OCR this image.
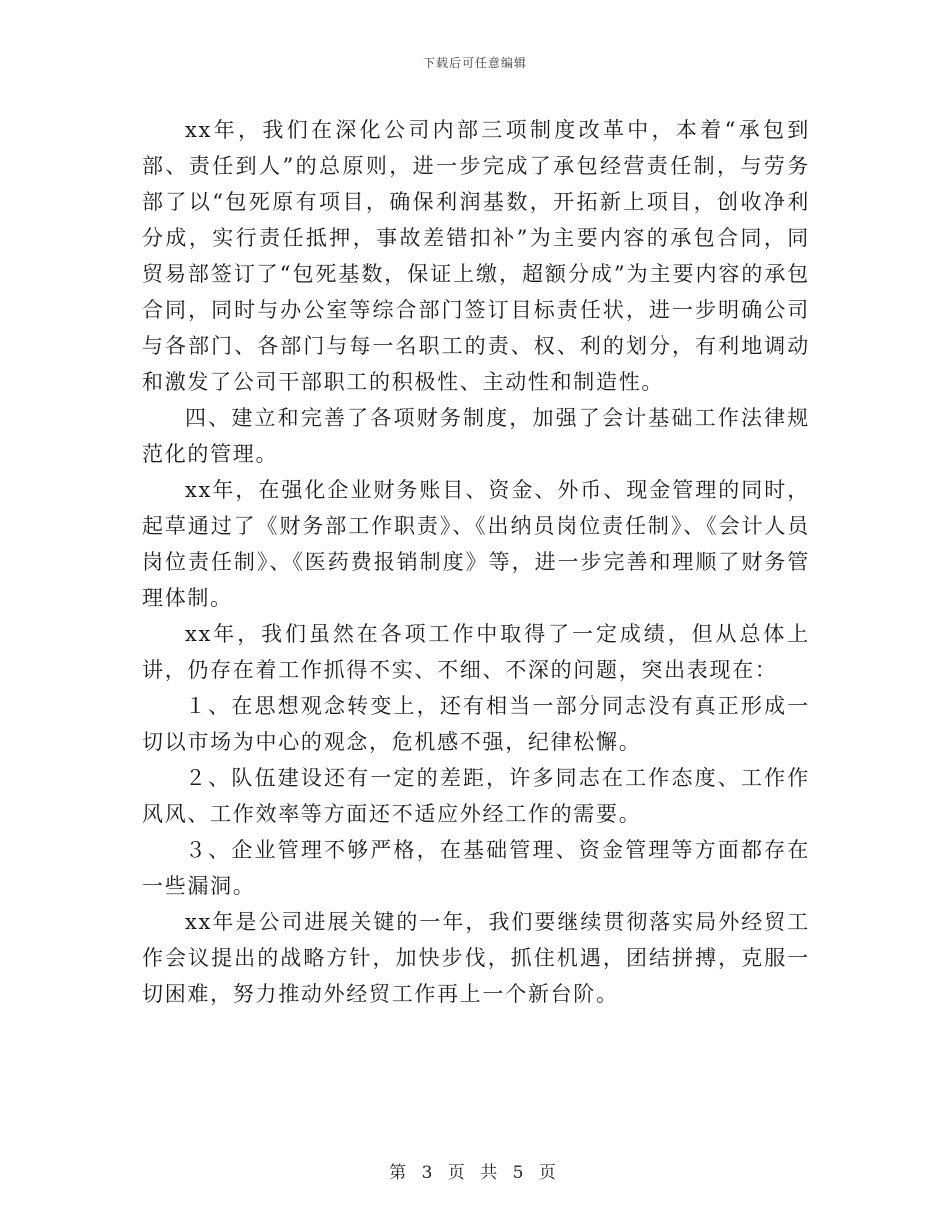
下载后可任意编辑

xx年，我们在深化公司内部三项制度改革中，本着“承包到部、责任到人”的总原则，进一步完成了承包经营责任制，与劳务部了以“包死原有项目，确保利润基数，开拓新上项目，创收净利分成，实行责任抵押，事故差错扣补”为主要内容的承包合同，同贸易部签订了“包死基数，保证上缴，超额分成”为主要内容的承包合同，同时与办公室等综合部门签订目标责任状，进一步明确公司与各部门、各部门与每一名职工的责、权、利的划分，有利地调动和激发了公司干部职工的积极性、主动性和制造性。

四、建立和完善了各项财务制度，加强了会计基础工作法律规范化的管理。

xx年，在强化企业财务账目、资金、外币、现金管理的同时，起草通过了《财务部工作职责》、《出纳员岗位责任制》、《会计人员岗位责任制》、《医药费报销制度》等，进一步完善和理顺了财务管理体制。

xx年，我们虽然在各项工作中取得了一定成绩，但从总体上讲，仍存在着工作抓得不实、不细、不深的问题，突出表现在：

１、在思想观念转变上，还有相当一部分同志没有真正形成一切以市场为中心的观念，危机感不强，纪律松懈。

２、队伍建设还有一定的差距，许多同志在工作态度、工作作风风、工作效率等方面还不适应外经工作的需要。

３、企业管理不够严格，在基础管理、资金管理等方面都存在一些漏洞。

xx年是公司进展关键的一年，我们要继续贯彻落实局外经贸工作会议提出的战略方针，加快步伐，抓住机遇，团结拼搏，克服一切困难，努力推动外经贸工作再上一个新台阶。

第 3 页 共 5 页
